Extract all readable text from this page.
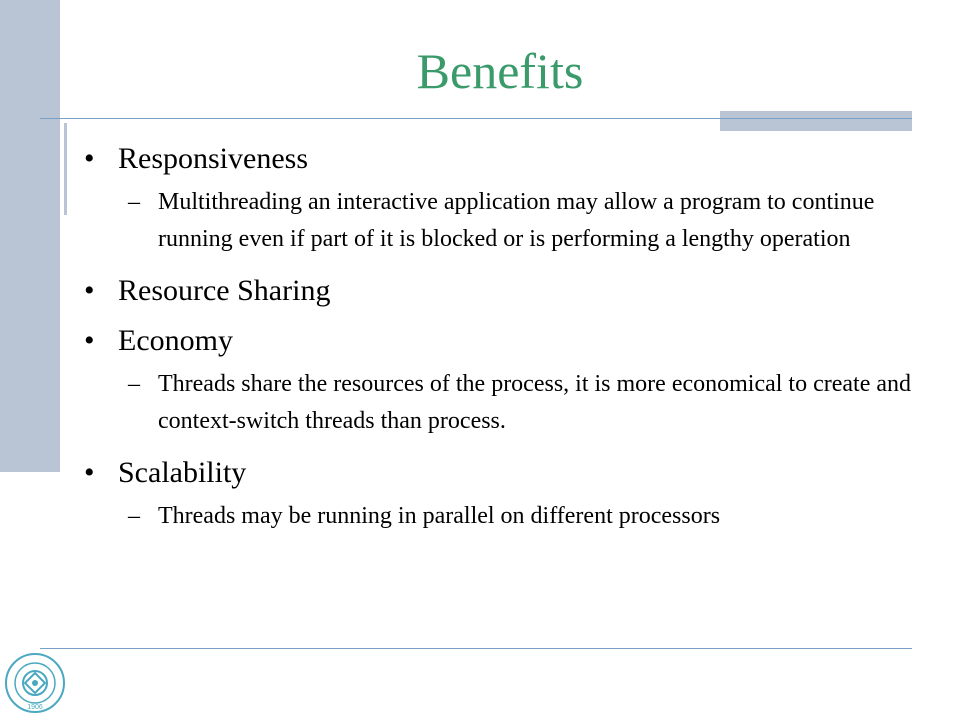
Benefits
• Responsiveness
– Multithreading an interactive application may allow a program to continue running even if part of it is blocked or is performing a lengthy operation
• Resource Sharing
• Economy
– Threads share the resources of the process, it is more economical to create and context-switch threads than process.
• Scalability
– Threads may be running in parallel on different processors
1906
